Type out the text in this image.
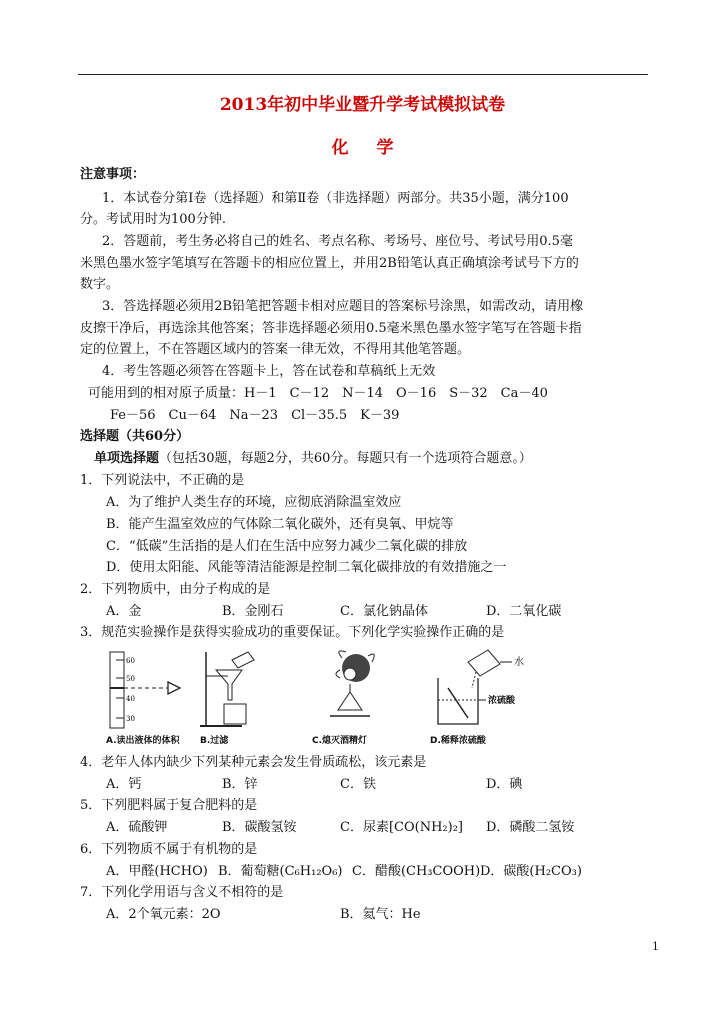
2013年初中毕业暨升学考试模拟试卷
化学
注意事项：
1．本试卷分第Ⅰ卷（选择题）和第Ⅱ卷（非选择题）两部分。共35小题，满分100
分。考试用时为100分钟.
2．答题前，考生务必将自己的姓名、考点名称、考场号、座位号、考试号用0.5毫
米黑色墨水签字笔填写在答题卡的相应位置上，并用2B铅笔认真正确填涂考试号下方的
数字。
3．答选择题必须用2B铅笔把答题卡相对应题目的答案标号涂黑，如需改动，请用橡
皮擦干净后，再选涂其他答案；答非选择题必须用0.5毫米黑色墨水签字笔写在答题卡指
定的位置上，不在答题区域内的答案一律无效，不得用其他笔答题。
4．考生答题必须答在答题卡上，答在试卷和草稿纸上无效
可能用到的相对原子质量：H－1　C－12　N－14　O－16　S－32　Ca－40
Fe－56　Cu－64　Na－23　Cl－35.5　K－39
选择题（共60分）
单项选择题（包括30题，每题2分，共60分。每题只有一个选项符合题意。）
1．下列说法中，不正确的是
A．为了维护人类生存的环境，应彻底消除温室效应
B．能产生温室效应的气体除二氧化碳外，还有臭氧、甲烷等
C．“低碳”生活指的是人们在生活中应努力减少二氧化碳的排放
D．使用太阳能、风能等清洁能源是控制二氧化碳排放的有效措施之一
2．下列物质中，由分子构成的是
A．金	B．金刚石	C．氯化钠晶体	D．二氧化碳
3．规范实验操作是获得实验成功的重要保证。下列化学实验操作正确的是
60
50
40
30
A.读出液体的体积 B.过滤	C.熄灭酒精灯
水
浓硫酸
D.稀释浓硫酸
4．老年人体内缺少下列某种元素会发生骨质疏松，该元素是
A．钙	B．锌	C．铁	D．碘
5．下列肥料属于复合肥料的是
A．硫酸钾	B．碳酸氢铵	C．尿素[CO(NH₂)₂] D．磷酸二氢铵
6．下列物质不属于有机物的是
A．甲醛(HCHO) B．葡萄糖(C₆H₁₂O₆) C．醋酸(CH₃COOH) D．碳酸(H₂CO₃)
7．下列化学用语与含义不相符的是
A．2个氧元素：2O	B．氦气：He
1
